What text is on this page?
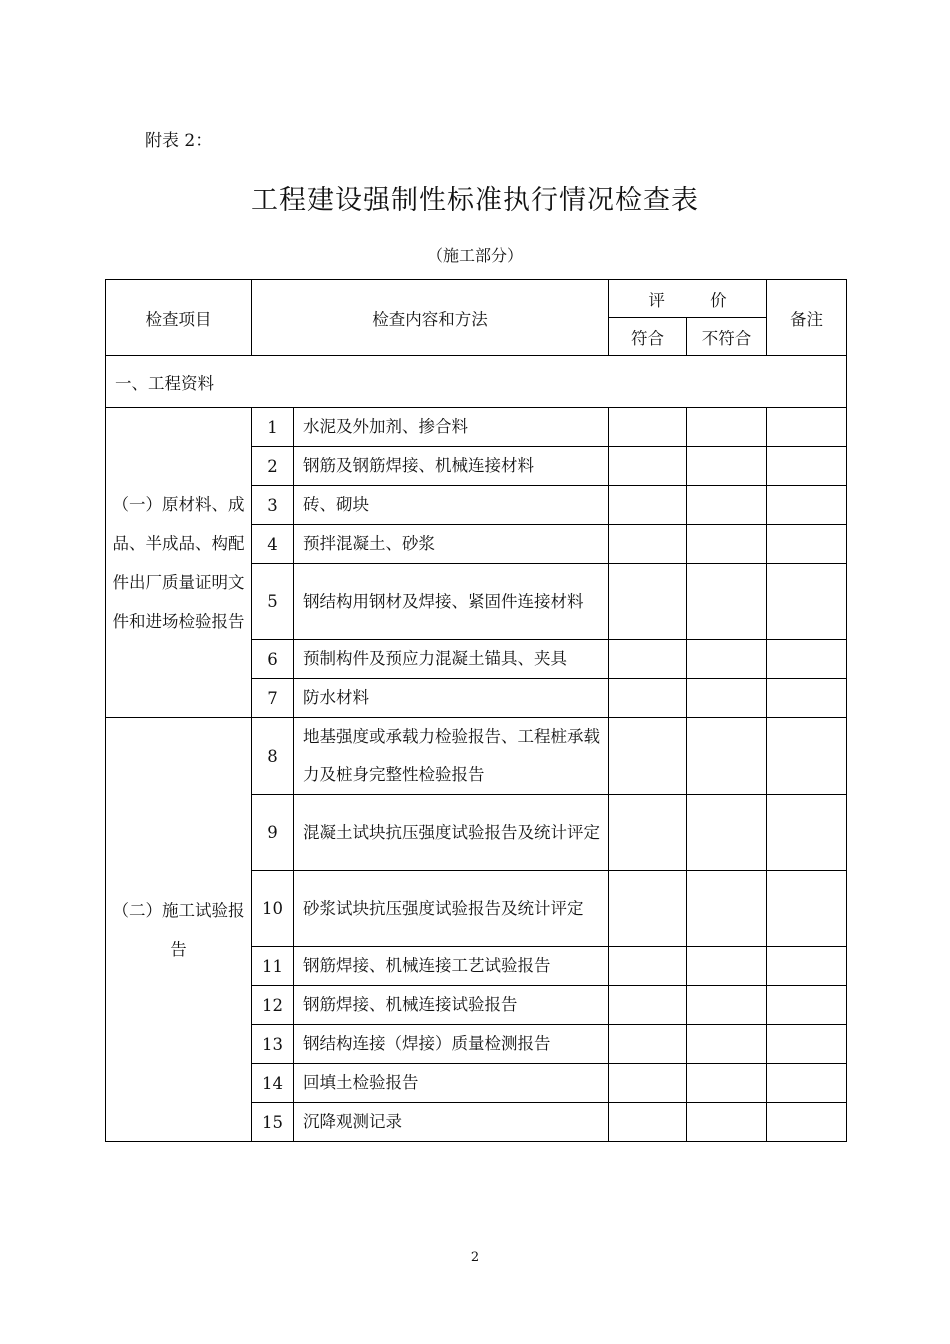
附表 2：
工程建设强制性标准执行情况检查表
（施工部分）
检查项目	检查内容和方法		评 价		备注
			符合	不符合	
一、工程资料					
（一）原材料、成品、半成品、构配件出厂质量证明文件和进场检验报告	1	水泥及外加剂、掺合料			
	2	钢筋及钢筋焊接、机械连接材料			
	3	砖、砌块			
	4	预拌混凝土、砂浆			
	5	钢结构用钢材及焊接、紧固件连接材料			
	6	预制构件及预应力混凝土锚具、夹具			
	7	防水材料			
（二）施工试验报告	8	地基强度或承载力检验报告、工程桩承载力及桩身完整性检验报告			
	9	混凝土试块抗压强度试验报告及统计评定			
	10	砂浆试块抗压强度试验报告及统计评定			
	11	钢筋焊接、机械连接工艺试验报告			
	12	钢筋焊接、机械连接试验报告			
	13	钢结构连接（焊接）质量检测报告			
	14	回填土检验报告			
	15	沉降观测记录			
2
